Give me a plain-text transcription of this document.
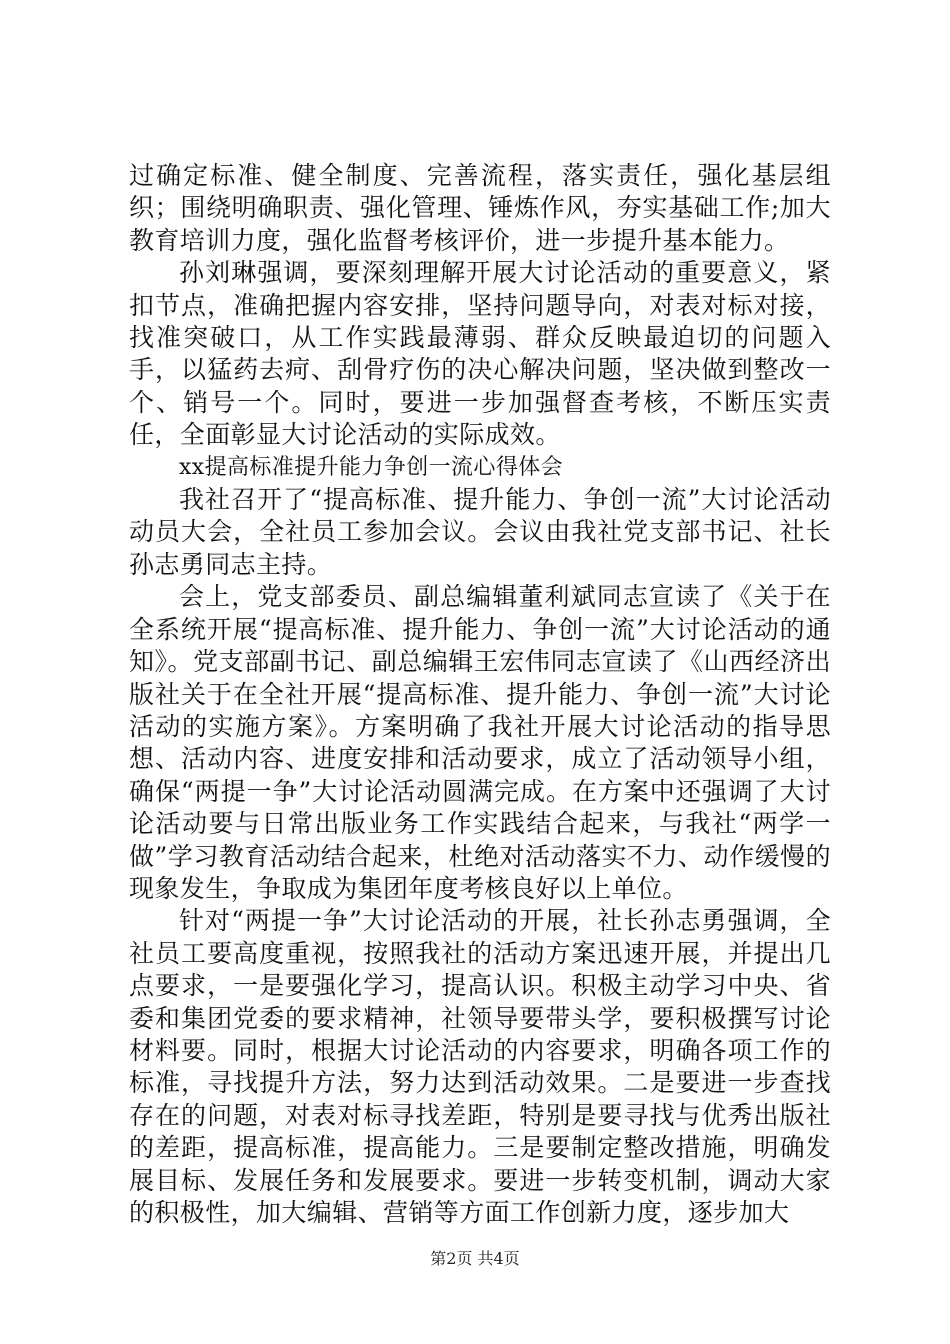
过确定标准、健全制度、完善流程，落实责任，强化基层组织；围绕明确职责、强化管理、锤炼作风，夯实基础工作;加大教育培训力度，强化监督考核评价，进一步提升基本能力。

孙刘琳强调，要深刻理解开展大讨论活动的重要意义，紧扣节点，准确把握内容安排，坚持问题导向，对表对标对接，找准突破口，从工作实践最薄弱、群众反映最迫切的问题入手，以猛药去疴、刮骨疗伤的决心解决问题，坚决做到整改一个、销号一个。同时，要进一步加强督查考核，不断压实责任，全面彰显大讨论活动的实际成效。

xx提高标准提升能力争创一流心得体会

我社召开了“提高标准、提升能力、争创一流”大讨论活动动员大会，全社员工参加会议。会议由我社党支部书记、社长孙志勇同志主持。

会上，党支部委员、副总编辑董利斌同志宣读了《关于在全系统开展“提高标准、提升能力、争创一流”大讨论活动的通知》。党支部副书记、副总编辑王宏伟同志宣读了《山西经济出版社关于在全社开展“提高标准、提升能力、争创一流”大讨论活动的实施方案》。方案明确了我社开展大讨论活动的指导思想、活动内容、进度安排和活动要求，成立了活动领导小组，确保“两提一争”大讨论活动圆满完成。在方案中还强调了大讨论活动要与日常出版业务工作实践结合起来，与我社“两学一做”学习教育活动结合起来，杜绝对活动落实不力、动作缓慢的现象发生，争取成为集团年度考核良好以上单位。

针对“两提一争”大讨论活动的开展，社长孙志勇强调，全社员工要高度重视，按照我社的活动方案迅速开展，并提出几点要求，一是要强化学习，提高认识。积极主动学习中央、省委和集团党委的要求精神，社领导要带头学，要积极撰写讨论材料要。同时，根据大讨论活动的内容要求，明确各项工作的标准，寻找提升方法，努力达到活动效果。二是要进一步查找存在的问题，对表对标寻找差距，特别是要寻找与优秀出版社的差距，提高标准，提高能力。三是要制定整改措施，明确发展目标、发展任务和发展要求。要进一步转变机制，调动大家的积极性，加大编辑、营销等方面工作创新力度，逐步加大

第2页 共4页
